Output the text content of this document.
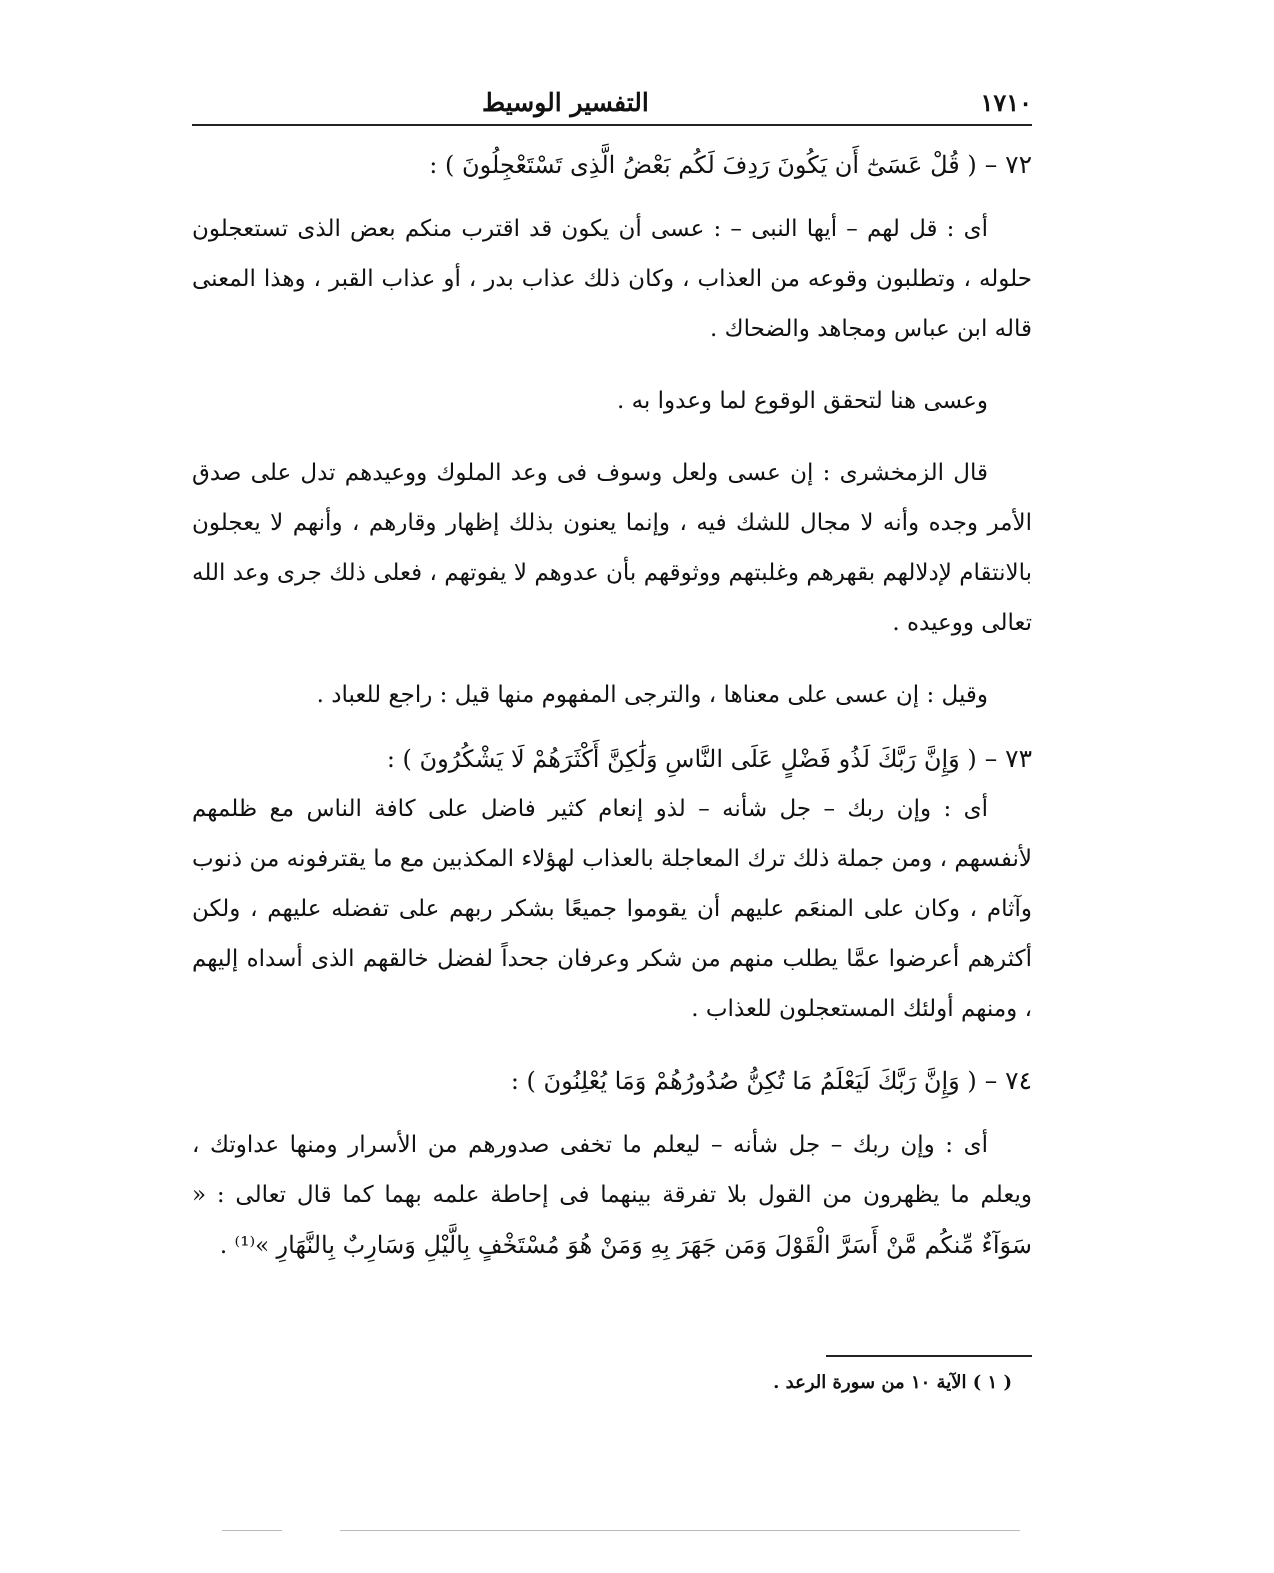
١٧١٠
التفسير الوسيط

٧٢ – ( قُلْ عَسَىٰٓ أَن يَكُونَ رَدِفَ لَكُم بَعْضُ الَّذِى تَسْتَعْجِلُونَ ) :

أى : قل لهم – أيها النبى – : عسى أن يكون قد اقترب منكم بعض الذى تستعجلون حلوله ، وتطلبون وقوعه من العذاب ، وكان ذلك عذاب بدر ، أو عذاب القبر ، وهذا المعنى قاله ابن عباس ومجاهد والضحاك .

وعسى هنا لتحقق الوقوع لما وعدوا به .

قال الزمخشرى : إن عسى ولعل وسوف فى وعد الملوك ووعيدهم تدل على صدق الأمر وجده وأنه لا مجال للشك فيه ، وإنما يعنون بذلك إظهار وقارهم ، وأنهم لا يعجلون بالانتقام لإدلالهم بقهرهم وغلبتهم ووثوقهم بأن عدوهم لا يفوتهم ، فعلى ذلك جرى وعد الله تعالى ووعيده .

وقيل : إن عسى على معناها ، والترجى المفهوم منها قيل : راجع للعباد .

٧٣ – ( وَإِنَّ رَبَّكَ لَذُو فَضْلٍ عَلَى النَّاسِ وَلَٰكِنَّ أَكْثَرَهُمْ لَا يَشْكُرُونَ ) :

أى : وإن ربك – جل شأنه – لذو إنعام كثير فاضل على كافة الناس مع ظلمهم لأنفسهم ، ومن جملة ذلك ترك المعاجلة بالعذاب لهؤلاء المكذبين مع ما يقترفونه من ذنوب وآثام ، وكان على المنعَم عليهم أن يقوموا جميعًا بشكر ربهم على تفضله عليهم ، ولكن أكثرهم أعرضوا عمَّا يطلب منهم من شكر وعرفان جحداً لفضل خالقهم الذى أسداه إليهم ، ومنهم أولئك المستعجلون للعذاب .

٧٤ – ( وَإِنَّ رَبَّكَ لَيَعْلَمُ مَا تُكِنُّ صُدُورُهُمْ وَمَا يُعْلِنُونَ ) :

أى : وإن ربك – جل شأنه – ليعلم ما تخفى صدورهم من الأسرار ومنها عداوتك ، ويعلم ما يظهرون من القول بلا تفرقة بينهما فى إحاطة علمه بهما كما قال تعالى : « سَوَآءٌ مِّنكُم مَّنْ أَسَرَّ الْقَوْلَ وَمَن جَهَرَ بِهِ وَمَنْ هُوَ مُسْتَخْفٍ بِالَّيْلِ وَسَارِبٌ بِالنَّهَارِ »⁽¹⁾ .

( ١ ) الآية ١٠ من سورة الرعد .
